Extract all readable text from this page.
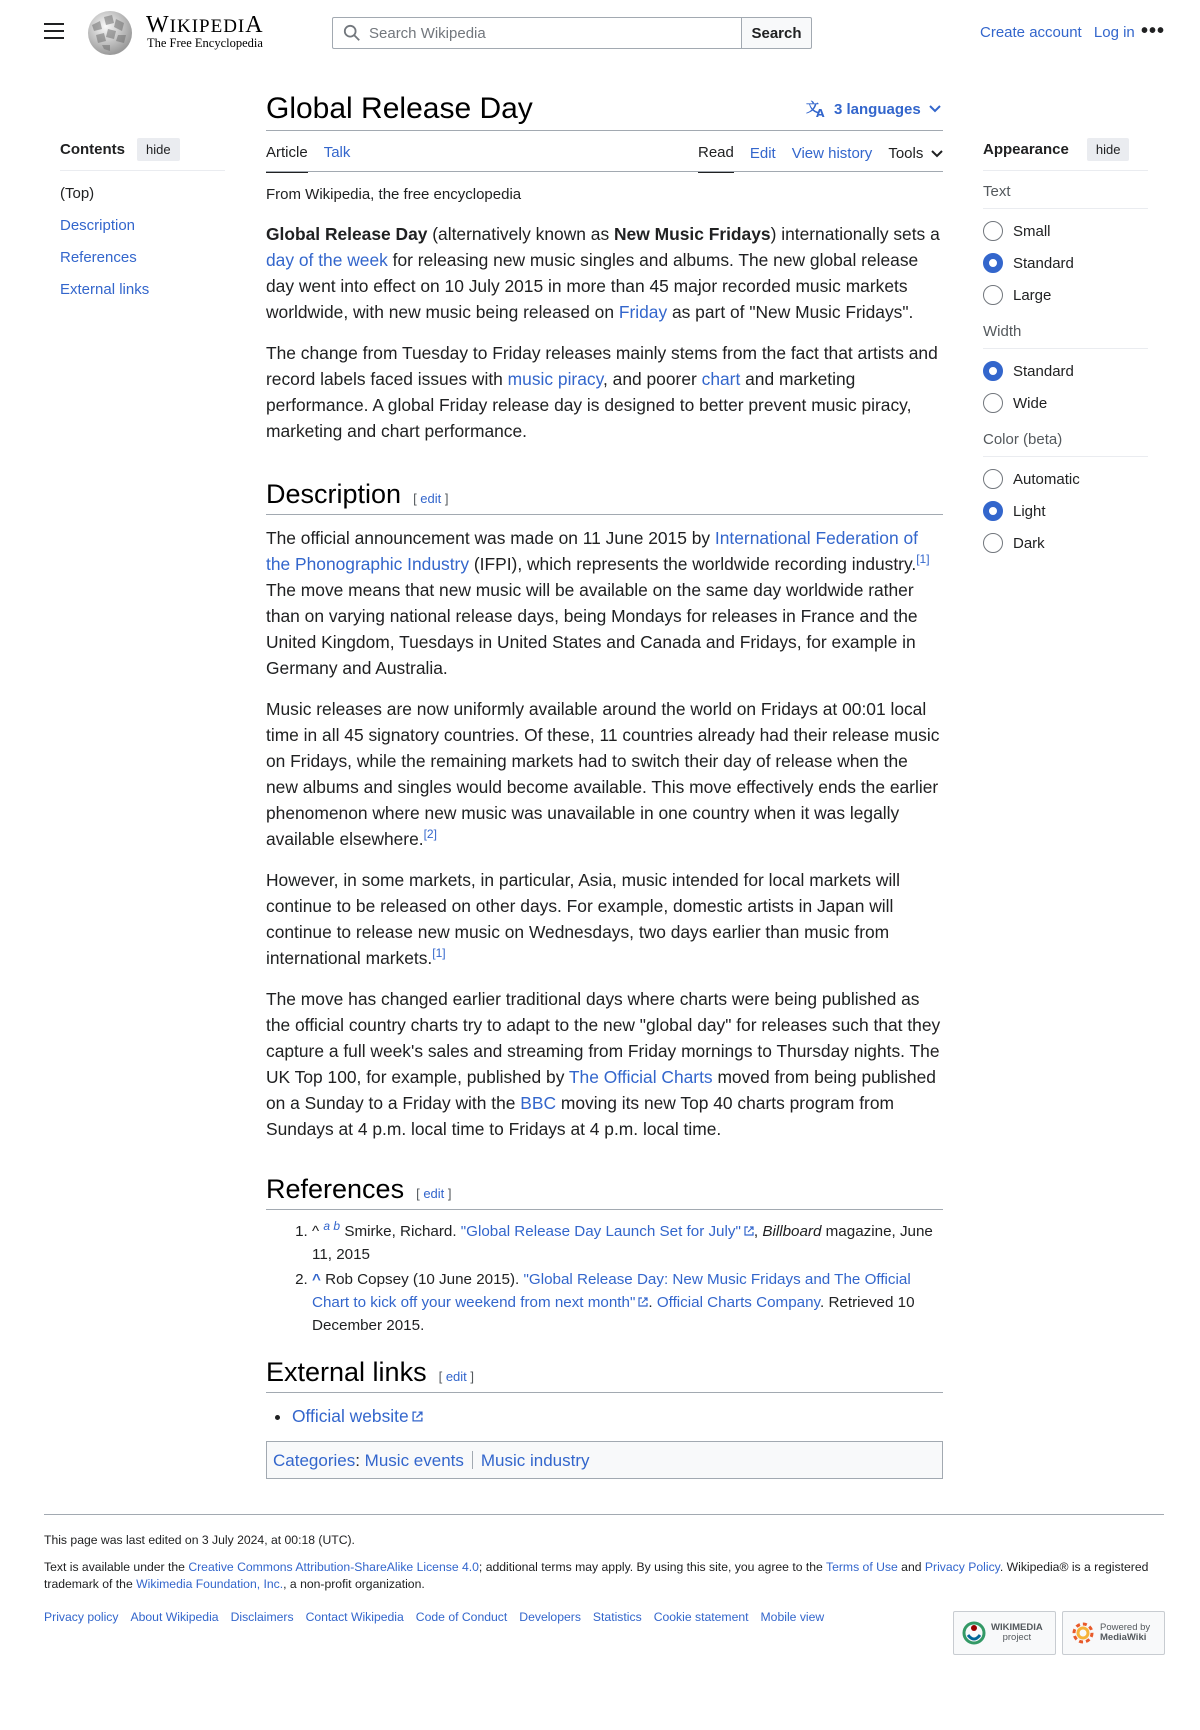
WIKIPEDIA
The Free Encyclopedia
Search Wikipedia
Search	Create account Log in •••
Global Release Day	文
A 3 languages
Article Talk	Read Edit View history Tools
Contents	hide
(Top)
Description
References
External links
Appearance	hide
Text
Small
Standard
Large
Width
Standard
Wide
Color (beta)
Automatic
Light
Dark

From Wikipedia, the free encyclopedia

Global Release Day (alternatively known as New Music Fridays) internationally sets a day of the week for releasing new music singles and albums. The new global release day went into effect on 10 July 2015 in more than 45 major recorded music markets worldwide, with new music being released on Friday as part of "New Music Fridays".

The change from Tuesday to Friday releases mainly stems from the fact that artists and record labels faced issues with music piracy, and poorer chart and marketing performance. A global Friday release day is designed to better prevent music piracy, marketing and chart performance.

Description [ edit ]

The official announcement was made on 11 June 2015 by International Federation of the Phonographic Industry (IFPI), which represents the worldwide recording industry.[1] The move means that new music will be available on the same day worldwide rather than on varying national release days, being Mondays for releases in France and the United Kingdom, Tuesdays in United States and Canada and Fridays, for example in Germany and Australia.

Music releases are now uniformly available around the world on Fridays at 00:01 local time in all 45 signatory countries. Of these, 11 countries already had their release music on Fridays, while the remaining markets had to switch their day of release when the new albums and singles would become available. This move effectively ends the earlier phenomenon where new music was unavailable in one country when it was legally available elsewhere.[2]

However, in some markets, in particular, Asia, music intended for local markets will continue to be released on other days. For example, domestic artists in Japan will continue to release new music on Wednesdays, two days earlier than music from international markets.[1]

The move has changed earlier traditional days where charts were being published as the official country charts try to adapt to the new "global day" for releases such that they capture a full week's sales and streaming from Friday mornings to Thursday nights. The UK Top 100, for example, published by The Official Charts moved from being published on a Sunday to a Friday with the BBC moving its new Top 40 charts program from Sundays at 4 p.m. local time to Fridays at 4 p.m. local time.

References [ edit ]
1. ^ $^{a b}$ Smirke, Richard. "Global Release Day Launch Set for July" , Billboard magazine, June 11, 2015
2. ^ Rob Copsey (10 June 2015). "Global Release Day: New Music Fridays and The Official Chart to kick off your weekend from next month" . Official Charts Company. Retrieved 10 December 2015.
External links [ edit ]
• Official website
Categories: Music events Music industry

This page was last edited on 3 July 2024, at 00:18 (UTC).

Text is available under the Creative Commons Attribution-ShareAlike License 4.0; additional terms may apply. By using this site, you agree to the Terms of Use and Privacy Policy. Wikipedia® is a registered trademark of the Wikimedia Foundation, Inc., a non-profit organization.

Privacy policy About Wikipedia Disclaimers Contact Wikipedia Code of Conduct Developers Statistics Cookie statement Mobile view
WIKIMEDIA
project
Powered by
MediaWiki
